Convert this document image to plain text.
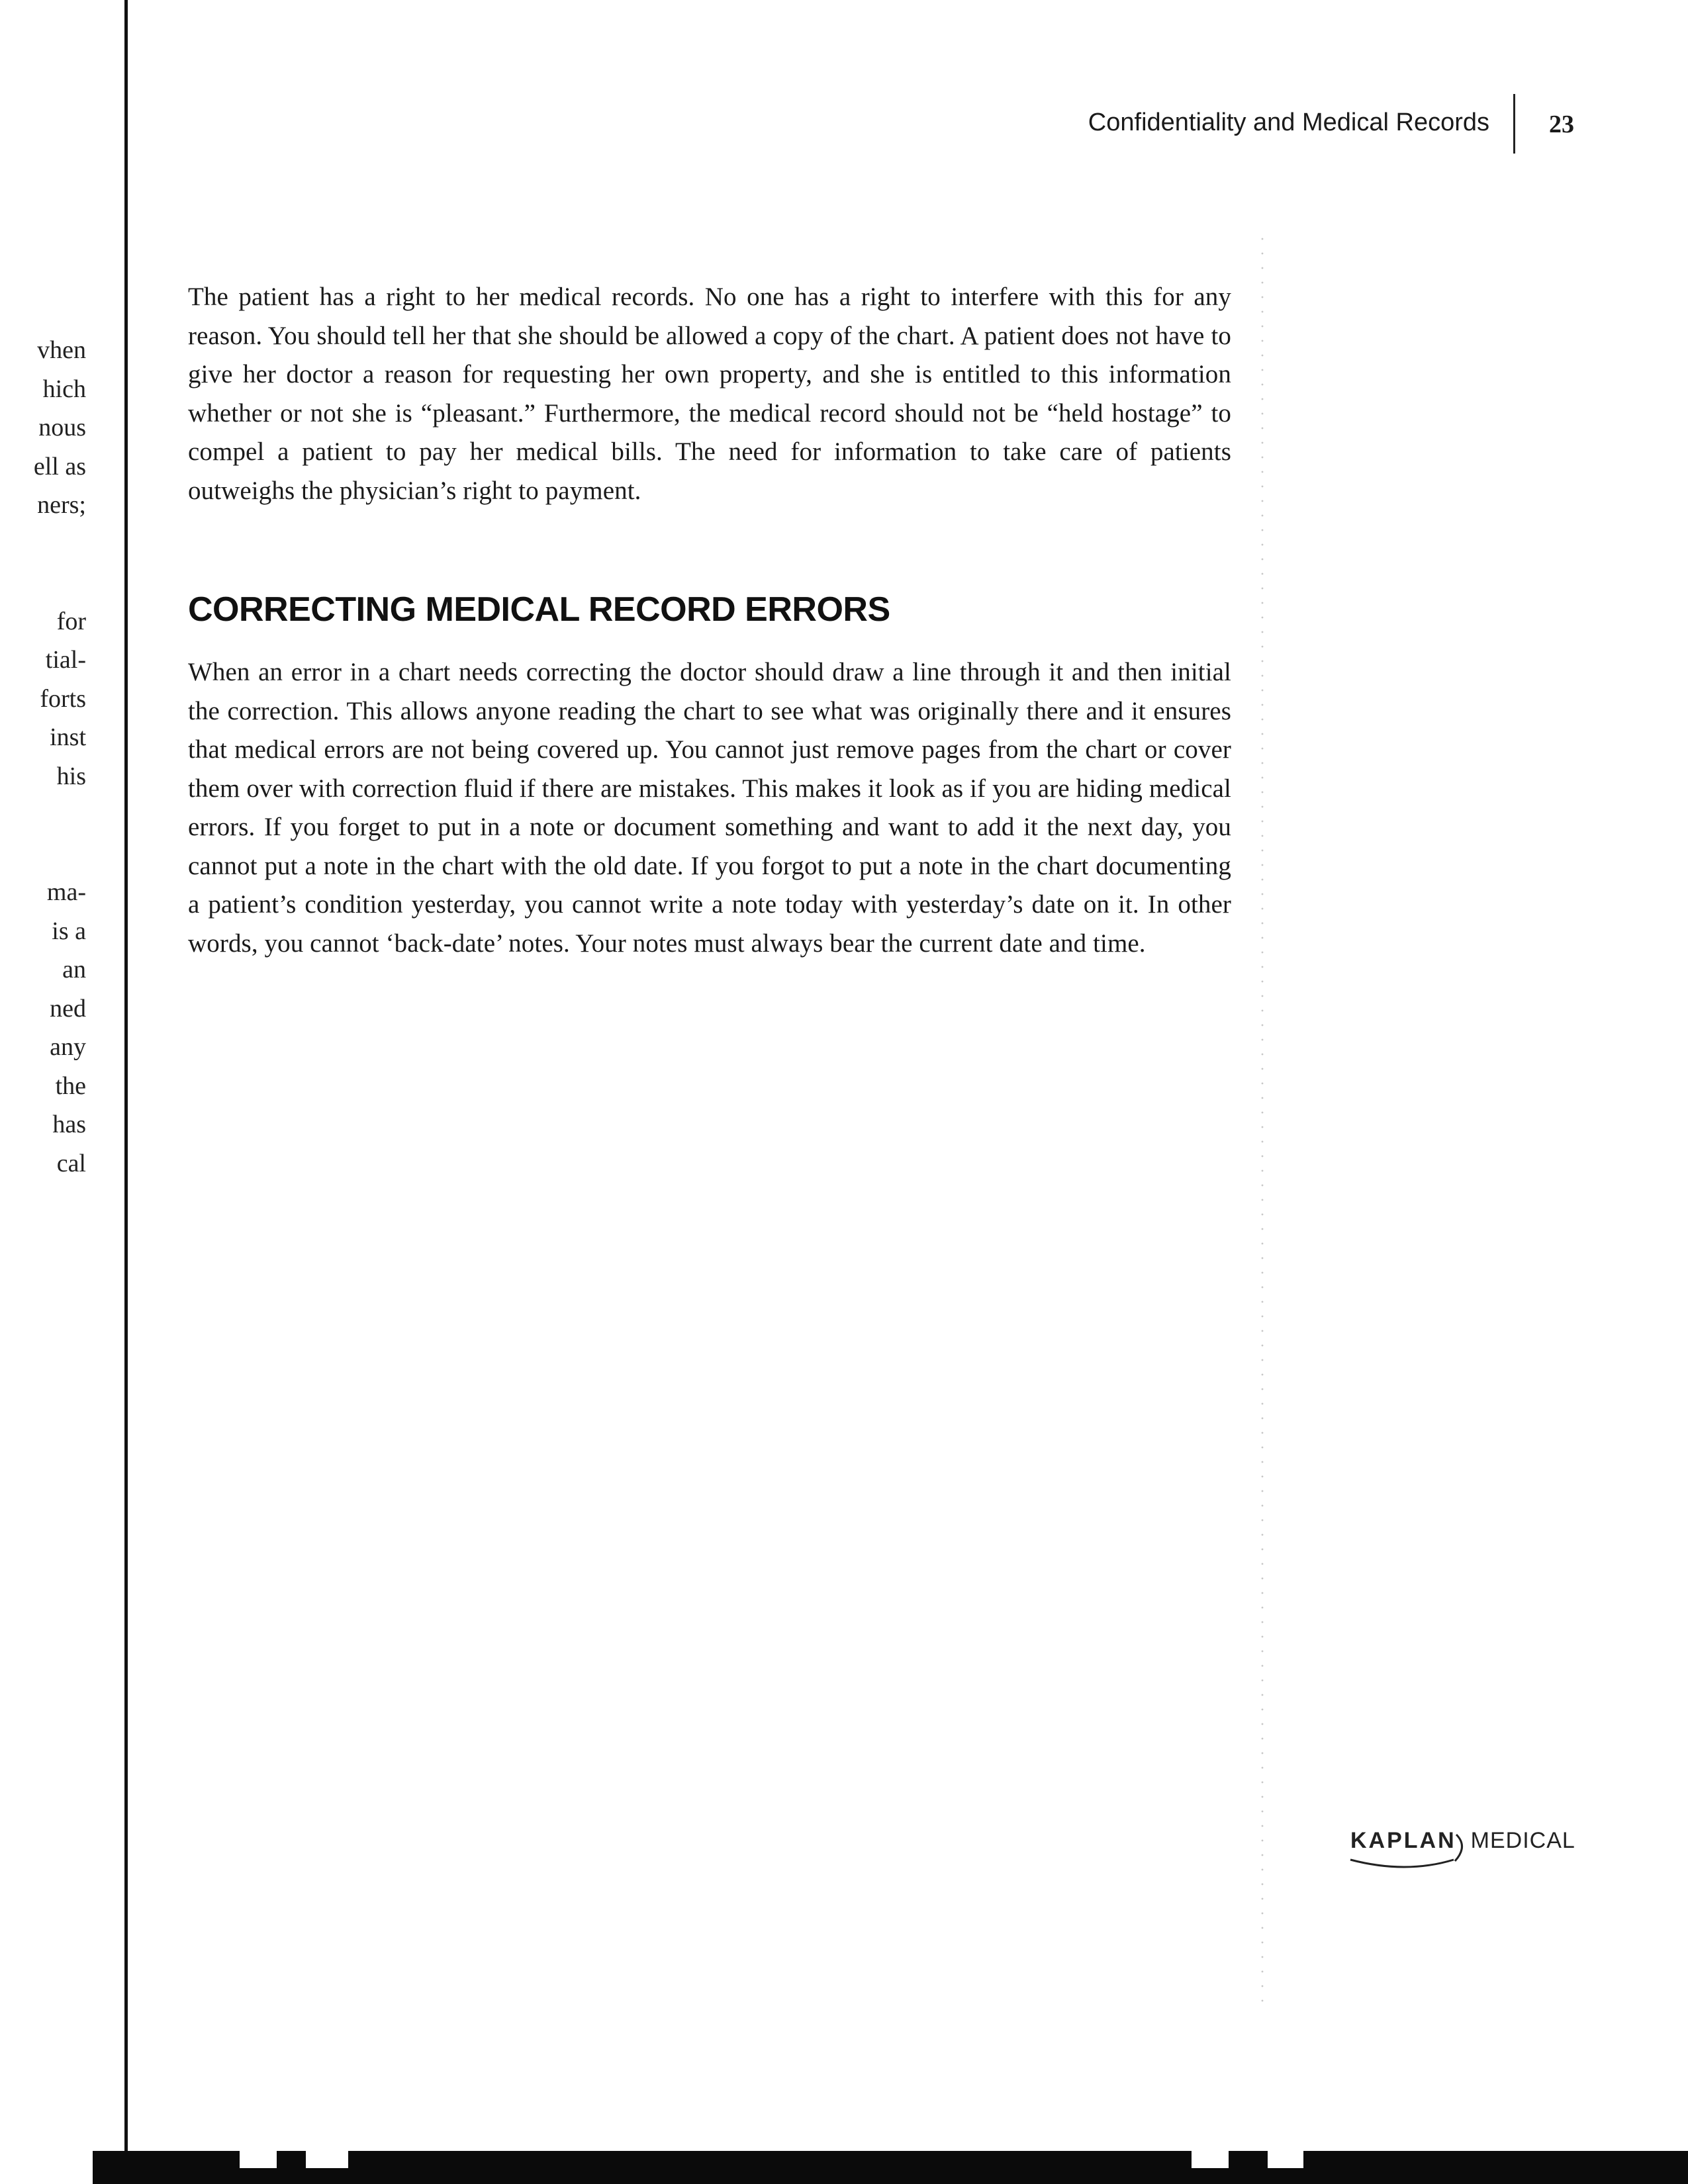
vhen
hich
nous
ell as
ners;
for
tial-
forts
inst
his
ma-
is a
an
ned
any
the
has
cal
Confidentiality and Medical Records 23

The patient has a right to her medical records. No one has a right to interfere with this for any reason. You should tell her that she should be allowed a copy of the chart. A patient does not have to give her doctor a reason for requesting her own property, and she is entitled to this information whether or not she is “pleasant.” Furthermore, the medical record should not be “held hostage” to compel a patient to pay her medical bills. The need for information to take care of patients outweighs the physician’s right to payment.

CORRECTING MEDICAL RECORD ERRORS

When an error in a chart needs correcting the doctor should draw a line through it and then initial the correction. This allows anyone reading the chart to see what was originally there and it ensures that medical errors are not being covered up. You cannot just remove pages from the chart or cover them over with correction fluid if there are mistakes. This makes it look as if you are hiding medical errors. If you forget to put in a note or document something and want to add it the next day, you cannot put a note in the chart with the old date. If you forgot to put a note in the chart documenting a patient’s condition yesterday, you cannot write a note today with yesterday’s date on it. In other words, you cannot ‘back-date’ notes. Your notes must always bear the current date and time.

KAPLAN MEDICAL
